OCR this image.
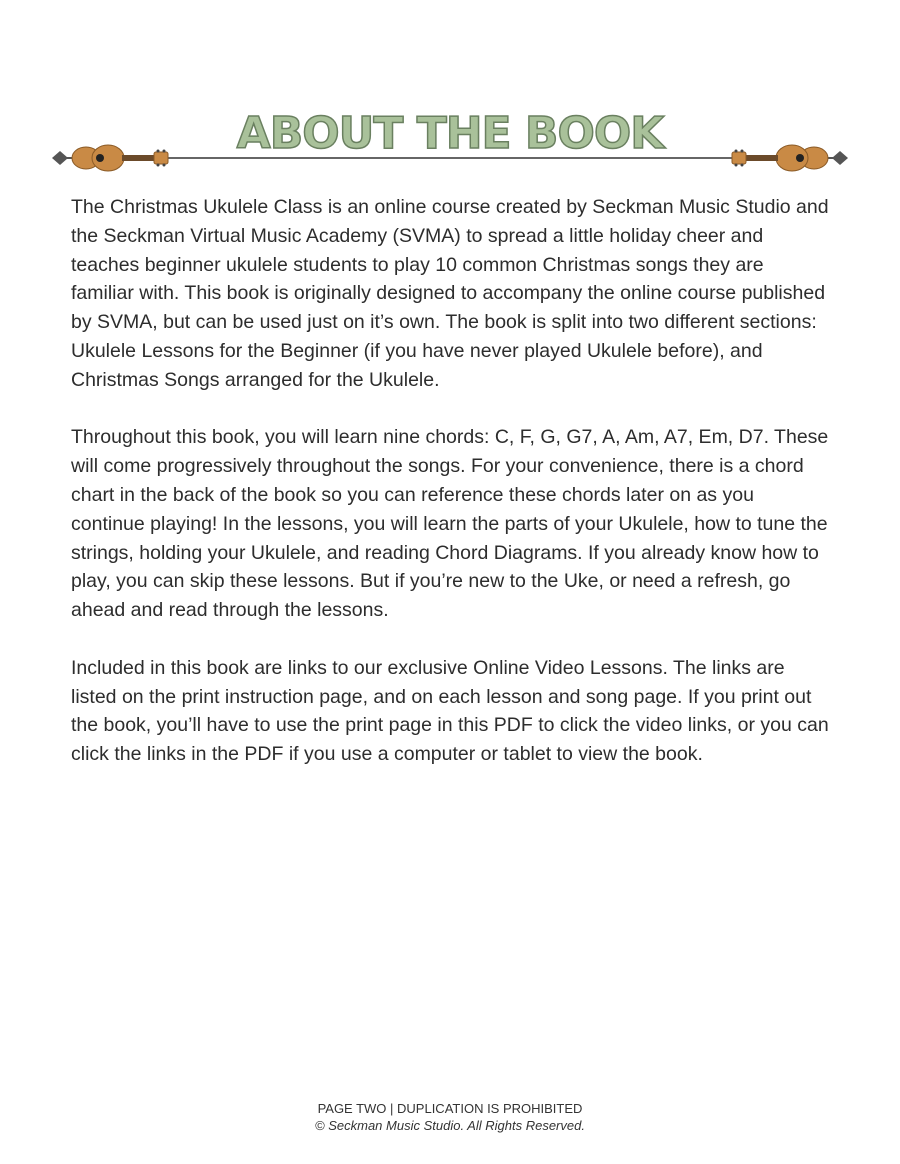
ABOUT THE BOOK

The Christmas Ukulele Class is an online course created by Seckman Music Studio and the Seckman Virtual Music Academy (SVMA) to spread a little holiday cheer and teaches beginner ukulele students to play 10 common Christmas songs they are familiar with. This book is originally designed to accompany the online course published by SVMA, but can be used just on it’s own. The book is split into two different sections: Ukulele Lessons for the Beginner (if you have never played Ukulele before), and Christmas Songs arranged for the Ukulele.

Throughout this book, you will learn nine chords: C, F, G, G7, A, Am, A7, Em, D7. These will come progressively throughout the songs. For your convenience, there is a chord chart in the back of the book so you can reference these chords later on as you continue playing! In the lessons, you will learn the parts of your Ukulele, how to tune the strings, holding your Ukulele, and reading Chord Diagrams. If you already know how to play, you can skip these lessons. But if you’re new to the Uke, or need a refresh, go ahead and read through the lessons.

Included in this book are links to our exclusive Online Video Lessons. The links are listed on the print instruction page, and on each lesson and song page. If you print out the book, you’ll have to use the print page in this PDF to click the video links, or you can click the links in the PDF if you use a computer or tablet to view the book.

PAGE TWO | DUPLICATION IS PROHIBITED
© Seckman Music Studio. All Rights Reserved.
